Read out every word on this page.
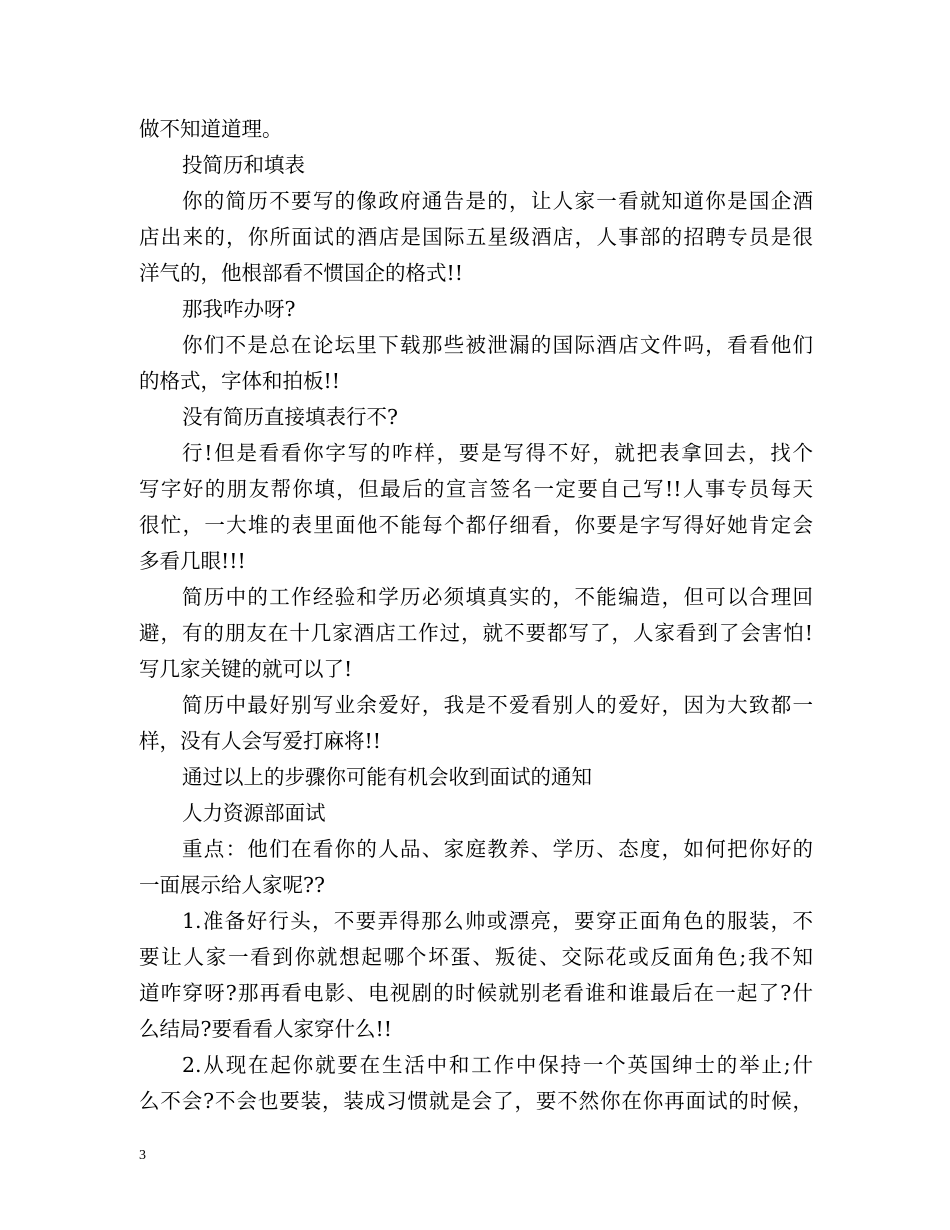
做不知道道理。
投简历和填表
你的简历不要写的像政府通告是的，让人家一看就知道你是国企酒
店出来的，你所面试的酒店是国际五星级酒店，人事部的招聘专员是很
洋气的，他根部看不惯国企的格式!!
那我咋办呀?
你们不是总在论坛里下载那些被泄漏的国际酒店文件吗，看看他们
的格式，字体和拍板!!
没有简历直接填表行不?
行!但是看看你字写的咋样，要是写得不好，就把表拿回去，找个
写字好的朋友帮你填，但最后的宣言签名一定要自己写!!人事专员每天
很忙，一大堆的表里面他不能每个都仔细看，你要是字写得好她肯定会
多看几眼!!!
简历中的工作经验和学历必须填真实的，不能编造，但可以合理回
避，有的朋友在十几家酒店工作过，就不要都写了，人家看到了会害怕!
写几家关键的就可以了!
简历中最好别写业余爱好，我是不爱看别人的爱好，因为大致都一
样，没有人会写爱打麻将!!
通过以上的步骤你可能有机会收到面试的通知
人力资源部面试
重点：他们在看你的人品、家庭教养、学历、态度，如何把你好的
一面展示给人家呢??
1.准备好行头，不要弄得那么帅或漂亮，要穿正面角色的服装，不
要让人家一看到你就想起哪个坏蛋、叛徒、交际花或反面角色;我不知
道咋穿呀?那再看电影、电视剧的时候就别老看谁和谁最后在一起了?什
么结局?要看看人家穿什么!!
2.从现在起你就要在生活中和工作中保持一个英国绅士的举止;什
么不会?不会也要装，装成习惯就是会了，要不然你在你再面试的时候，
3
